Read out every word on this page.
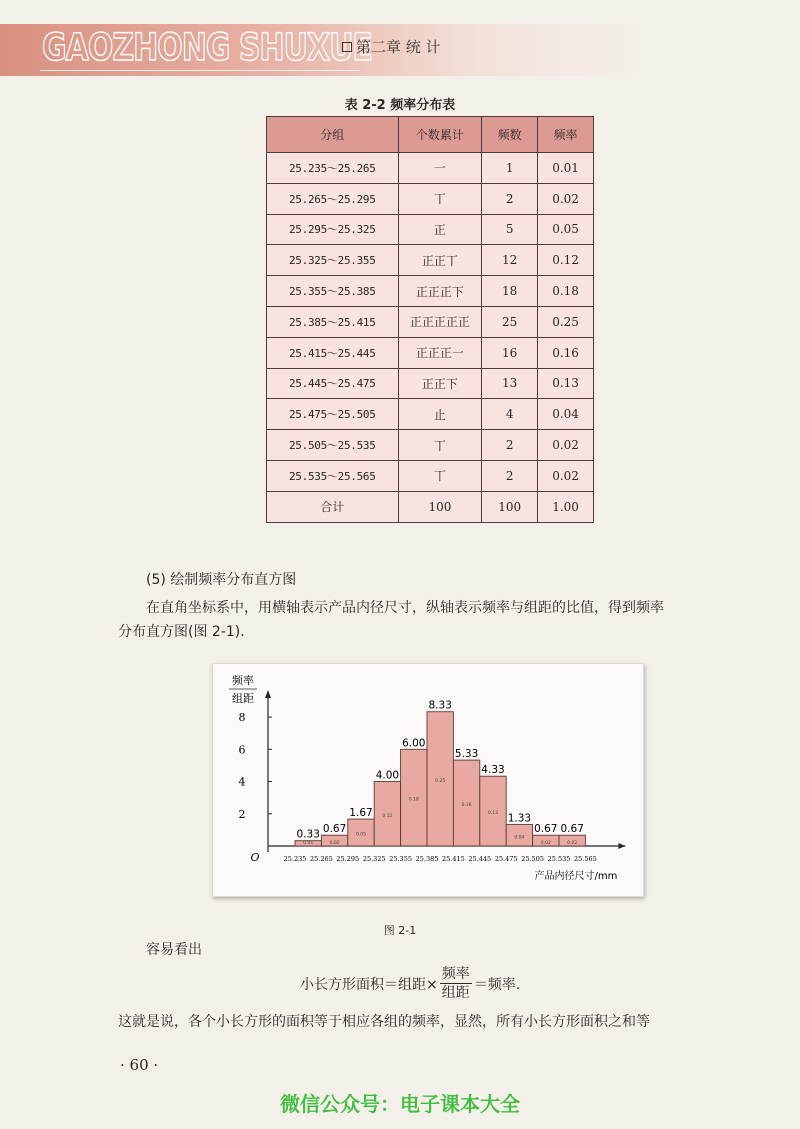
GAOZHONG SHUXUE
第二章 统 计
表 2-2 频率分布表
分组	个数累计	频数	频率
25.235～25.265	一	1	0.01
25.265～25.295	丅	2	0.02
25.295～25.325	正	5	0.05
25.325～25.355	正正丅	12	0.12
25.355～25.385	正正正下	18	0.18
25.385～25.415	正正正正正	25	0.25
25.415～25.445	正正正一	16	0.16
25.445～25.475	正正下	13	0.13
25.475～25.505	止	4	0.04
25.505～25.535	丅	2	0.02
25.535～25.565	丅	2	0.02
合计	100	100	1.00
(5) 绘制频率分布直方图
在直角坐标系中，用横轴表示产品内径尺寸，纵轴表示频率与组距的比值，得到频率
分布直方图(图 2-1).
频率
组距
2
4
6
8
O
0.33
0.01
0.67
0.02
1.67
0.05
4.00
0.12
6.00
0.18
8.33
0.25
5.33
0.16
4.33
0.13 1.33
0.04
0.67
0.02
0.67
0.02
25.235 25.265 25.295 25.325 25.355 25.385 25.415 25.445 25.475 25.505 25.535 25.565
产品内径尺寸/mm
图 2-1
容易看出
小长方形面积＝组距× $\frac{\text{频率}}{\text{组距}}$ ＝频率.
这就是说，各个小长方形的面积等于相应各组的频率，显然，所有小长方形面积之和等
· 60 ·
微信公众号：电子课本大全
